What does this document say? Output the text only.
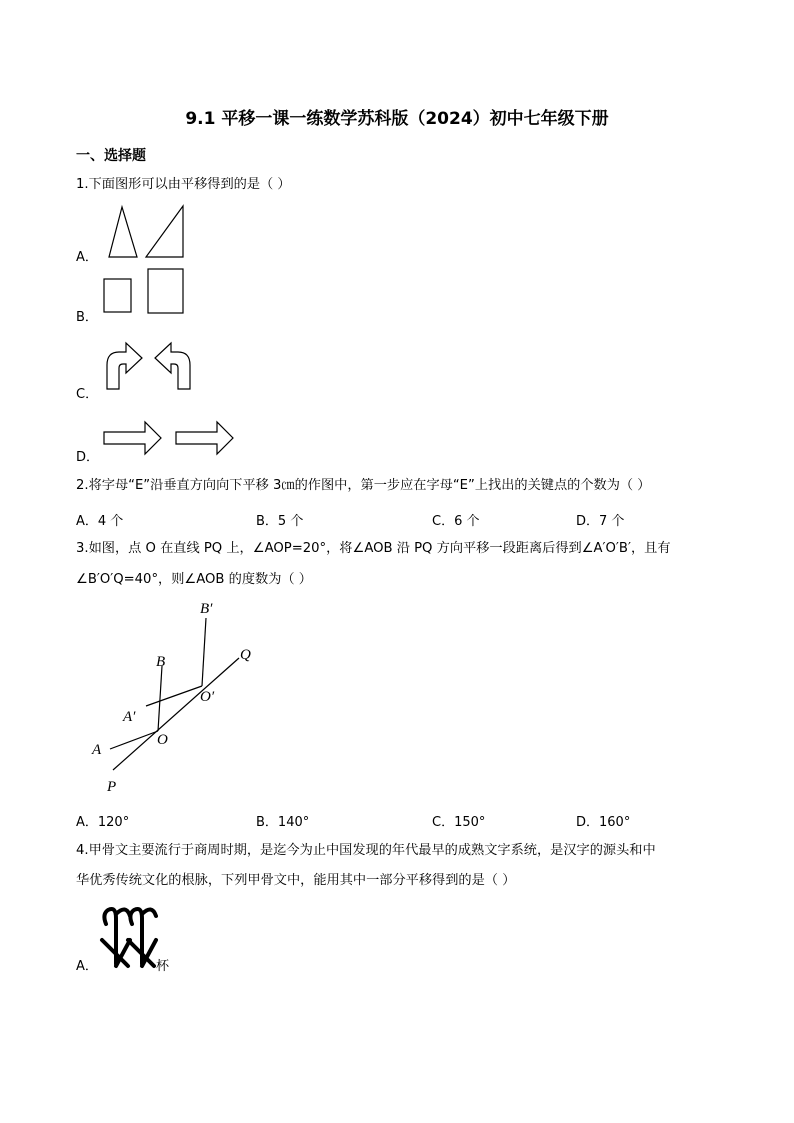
9.1 平移一课一练数学苏科版（2024）初中七年级下册
一、选择题
1.下面图形可以由平移得到的是（ ）
A．
B．
C．
D．
2.将字母“E”沿垂直方向向下平移 3㎝的作图中，第一步应在字母“E”上找出的关键点的个数为（ ）
A．4 个	B．5 个	C．6 个	D．7 个
3.如图，点 O 在直线 PQ 上，∠AOP=20°，将∠AOB 沿 PQ 方向平移一段距离后得到∠A′O′B′，且有
∠B′O′Q=40°，则∠AOB 的度数为（ ）
B′
Q
B
O′
A′
O
A
P
A．120°	B．140°	C．150°	D．160°
4.甲骨文主要流行于商周时期，是迄今为止中国发现的年代最早的成熟文字系统，是汉字的源头和中
华优秀传统文化的根脉，下列甲骨文中，能用其中一部分平移得到的是（ ）
A．	杯
